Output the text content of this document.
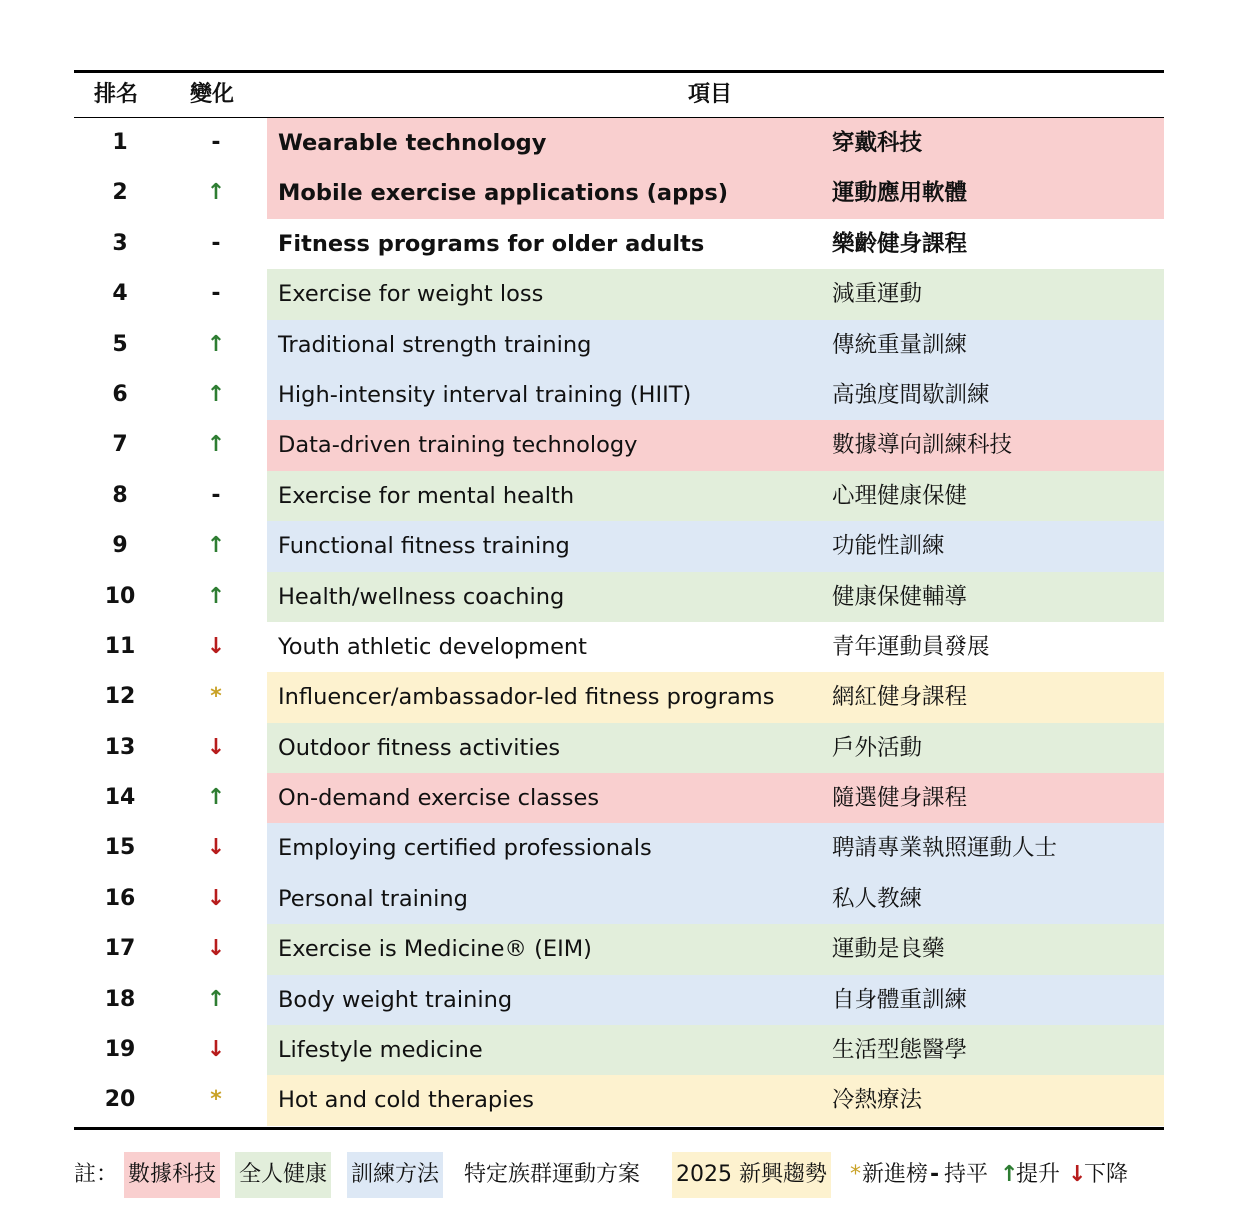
排名 變化	項目
1	-	Wearable technology	穿戴科技
2	↑	Mobile exercise applications (apps)	運動應用軟體
3	-	Fitness programs for older adults	樂齡健身課程
4	-	Exercise for weight loss	減重運動
5	↑	Traditional strength training	傳統重量訓練
6	↑	High-intensity interval training (HIIT)	高強度間歇訓練
7	↑	Data-driven training technology	數據導向訓練科技
8	-	Exercise for mental health	心理健康保健
9	↑	Functional fitness training	功能性訓練
10	↑	Health/wellness coaching	健康保健輔導
11	↓	Youth athletic development	青年運動員發展
12	*	Influencer/ambassador-led fitness programs	網紅健身課程
13	↓	Outdoor fitness activities	戶外活動
14	↑	On-demand exercise classes	隨選健身課程
15	↓	Employing certified professionals	聘請專業執照運動人士
16	↓	Personal training	私人教練
17	↓	Exercise is Medicine® (EIM)	運動是良藥
18	↑	Body weight training	自身體重訓練
19	↓	Lifestyle medicine	生活型態醫學
20	*	Hot and cold therapies	冷熱療法
註： 數據科技 全人健康 訓練方法 特定族群運動方案 2025 新興趨勢 * 新進榜 - 持平 ↑
提升 ↓
下降
